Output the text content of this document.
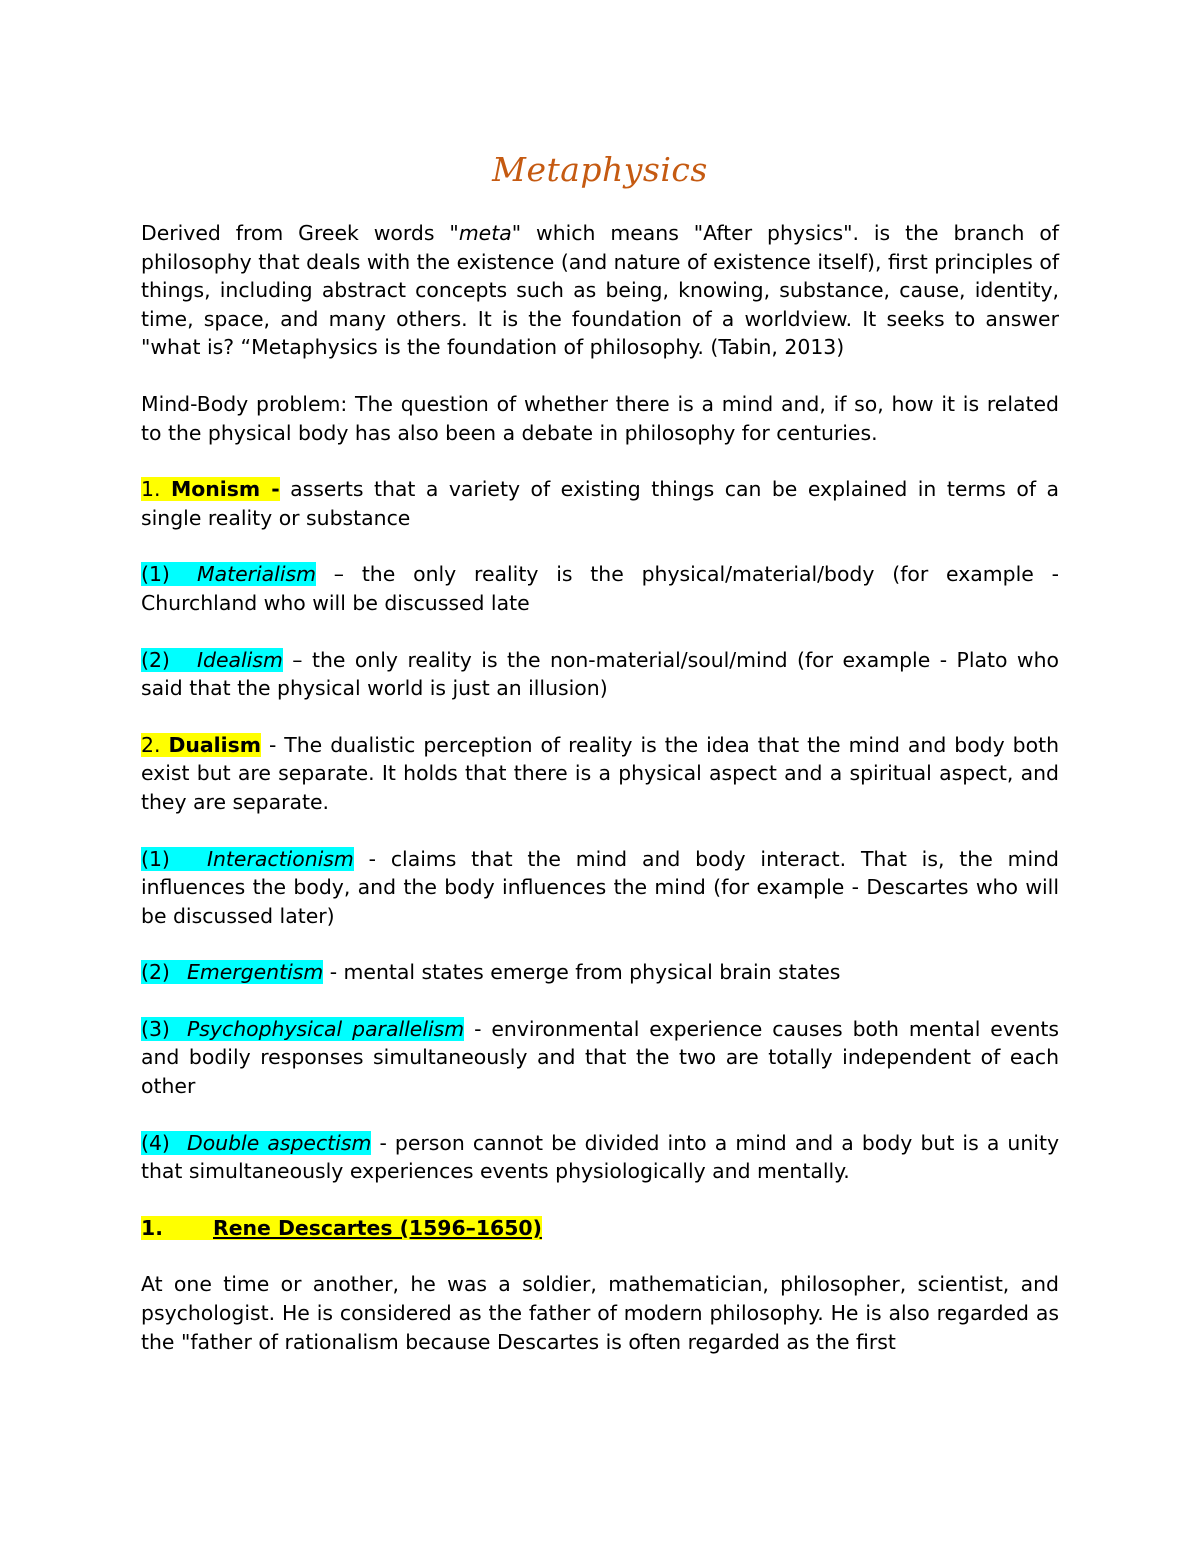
Metaphysics

Derived from Greek words "meta" which means "After physics". is the branch of philosophy that deals with the existence (and nature of existence itself), first principles of things, including abstract concepts such as being, knowing, substance, cause, identity, time, space, and many others. It is the foundation of a worldview. It seeks to answer "what is? “Metaphysics is the foundation of philosophy. (Tabin, 2013)

Mind-Body problem: The question of whether there is a mind and, if so, how it is related to the physical body has also been a debate in philosophy for centuries.

1. Monism - asserts that a variety of existing things can be explained in terms of a single reality or substance

(1) Materialism – the only reality is the physical/material/body (for example - Churchland who will be discussed late

(2) Idealism – the only reality is the non-material/soul/mind (for example - Plato who said that the physical world is just an illusion)

2. Dualism - The dualistic perception of reality is the idea that the mind and body both exist but are separate. It holds that there is a physical aspect and a spiritual aspect, and they are separate.

(1) Interactionism - claims that the mind and body interact. That is, the mind influences the body, and the body influences the mind (for example - Descartes who will be discussed later)

(2) Emergentism - mental states emerge from physical brain states

(3) Psychophysical parallelism - environmental experience causes both mental events and bodily responses simultaneously and that the two are totally independent of each other

(4) Double aspectism - person cannot be divided into a mind and a body but is a unity that simultaneously experiences events physiologically and mentally.

1. Rene Descartes (1596–1650)

At one time or another, he was a soldier, mathematician, philosopher, scientist, and psychologist. He is considered as the father of modern philosophy. He is also regarded as the "father of rationalism because Descartes is often regarded as the first
